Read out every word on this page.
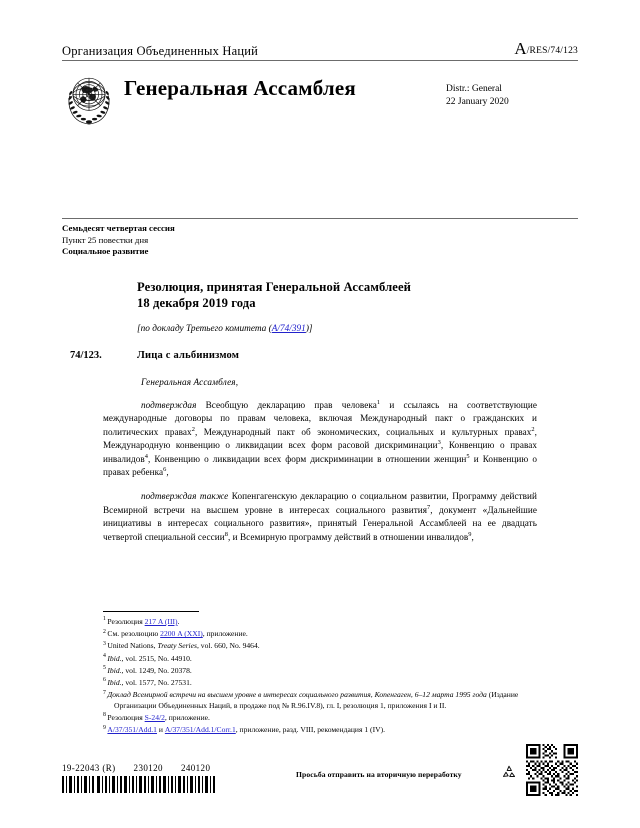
Организация Объединенных Наций	A/RES/74/123
Генеральная Ассамблея	Distr.: General
22 January 2020
Семьдесят четвертая сессия
Пункт 25 повестки дня
Социальное развитие
Резолюция, принятая Генеральной Ассамблеей
18 декабря 2019 года
[по докладу Третьего комитета (A/74/391)]
74/123.	Лица с альбинизмом
Генеральная Ассамблея,

подтверждая Всеобщую декларацию прав человека$^1$ и ссылаясь на соответствующие международные договоры по правам человека, включая Международный пакт о гражданских и политических правах$^2$, Международный пакт об экономических, социальных и культурных правах$^2$, Международную конвенцию о ликвидации всех форм расовой дискриминации$^3$, Конвенцию о правах инвалидов$^4$, Конвенцию о ликвидации всех форм дискриминации в отношении женщин$^5$ и Конвенцию о правах ребенка$^6$,

подтверждая также Копенгагенскую декларацию о социальном развитии, Программу действий Всемирной встречи на высшем уровне в интересах социального развития$^7$, документ «Дальнейшие инициативы в интересах социального развития», принятый Генеральной Ассамблеей на ее двадцать четвертой специальной сессии$^8$, и Всемирную программу действий в отношении инвалидов$^9$,

$^1$ Резолюция 217 A (III).
$^2$ См. резолюцию 2200 A (XXI), приложение.
$^3$ United Nations, Treaty Series, vol. 660, No. 9464.
$^4$ Ibid., vol. 2515, No. 44910.
$^5$ Ibid., vol. 1249, No. 20378.
$^6$ Ibid., vol. 1577, No. 27531.
$^7$ Доклад Всемирной встречи на высшем уровне в интересах социального развития, Копенгаген, 6–12 марта 1995 года (Издание Организации Объединенных Наций, в продаже под № R.96.IV.8), гл. I, резолюция 1, приложения I и II.
$^8$ Резолюция S-24/2, приложение.
$^9$ A/37/351/Add.1 и A/37/351/Add.1/Corr.1, приложение, разд. VIII, рекомендация 1 (IV).
19-22043 (R) 230120 240120
Просьба отправить на вторичную переработку
